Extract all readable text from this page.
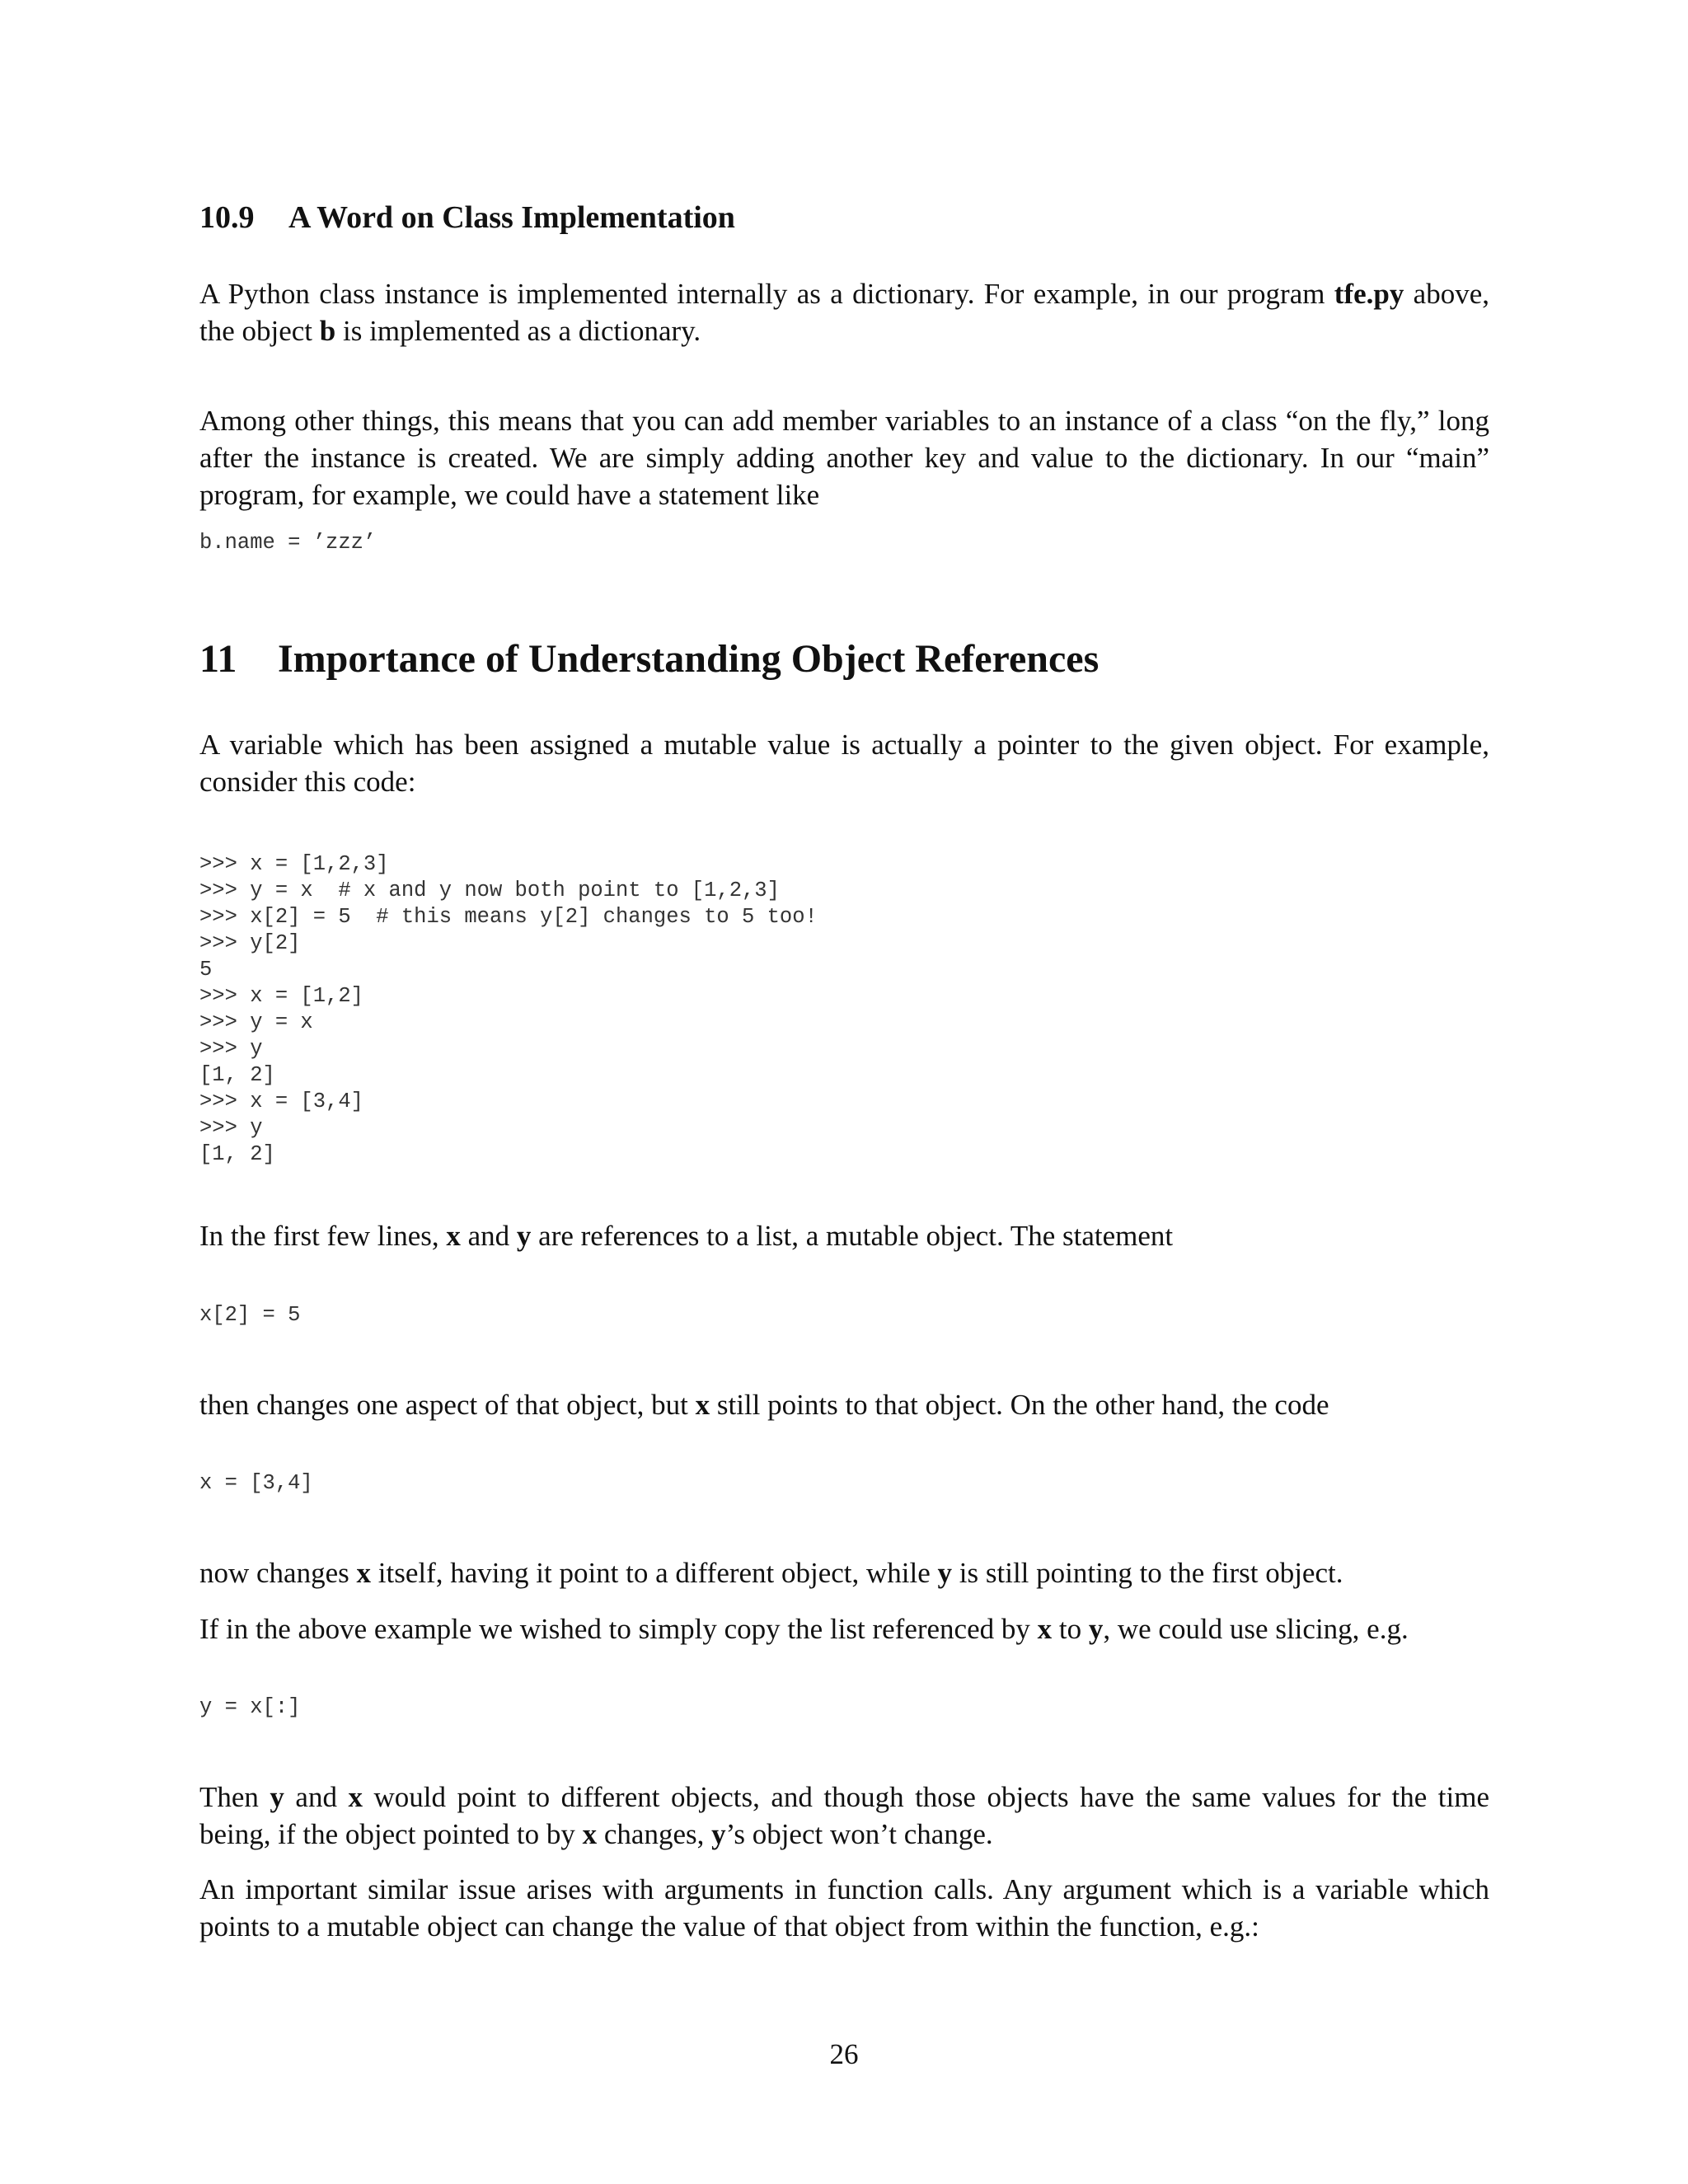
10.9 A Word on Class Implementation

A Python class instance is implemented internally as a dictionary. For example, in our program tfe.py above, the object b is implemented as a dictionary.

Among other things, this means that you can add member variables to an instance of a class “on the fly,” long after the instance is created. We are simply adding another key and value to the dictionary. In our “main” program, for example, we could have a statement like

b.name = ’zzz’
11 Importance of Understanding Object References

A variable which has been assigned a mutable value is actually a pointer to the given object. For example, consider this code:

>>> x = [1,2,3]
>>> y = x  # x and y now both point to [1,2,3]
>>> x[2] = 5  # this means y[2] changes to 5 too!
>>> y[2]
5
>>> x = [1,2]
>>> y = x
>>> y
[1, 2]
>>> x = [3,4]
>>> y
[1, 2]

In the first few lines, x and y are references to a list, a mutable object. The statement

x[2] = 5

then changes one aspect of that object, but x still points to that object. On the other hand, the code

x = [3,4]

now changes x itself, having it point to a different object, while y is still pointing to the first object.

If in the above example we wished to simply copy the list referenced by x to y, we could use slicing, e.g.

y = x[:]

Then y and x would point to different objects, and though those objects have the same values for the time being, if the object pointed to by x changes, y’s object won’t change.

An important similar issue arises with arguments in function calls. Any argument which is a variable which points to a mutable object can change the value of that object from within the function, e.g.:

26
